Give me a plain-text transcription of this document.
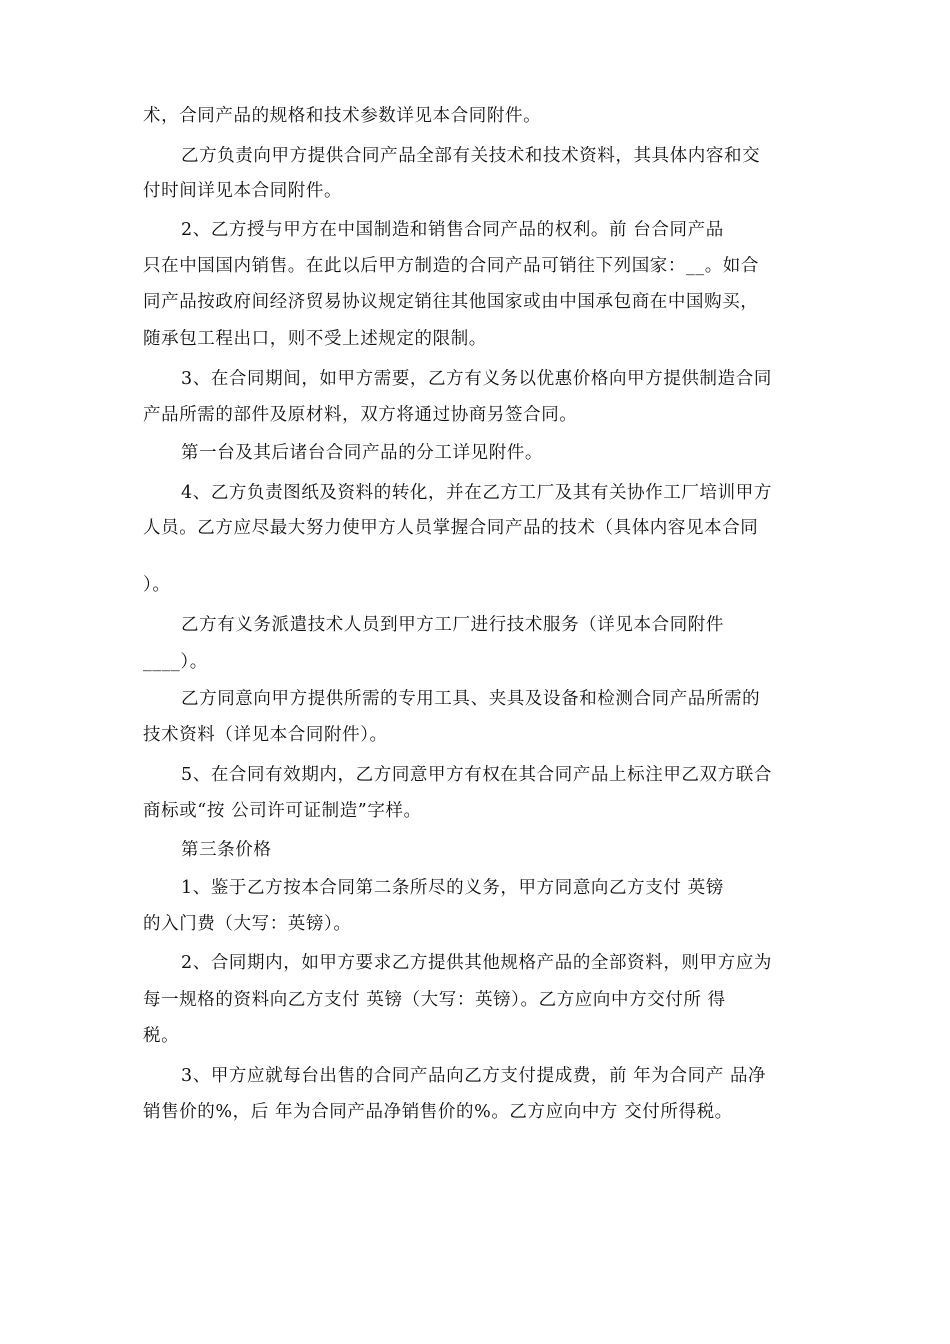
术，合同产品的规格和技术参数详见本合同附件。
乙方负责向甲方提供合同产品全部有关技术和技术资料，其具体内容和交
付时间详见本合同附件。
2、乙方授与甲方在中国制造和销售合同产品的权利。前 台合同产品
只在中国国内销售。在此以后甲方制造的合同产品可销往下列国家：__。如合
同产品按政府间经济贸易协议规定销往其他国家或由中国承包商在中国购买，
随承包工程出口，则不受上述规定的限制。
3、在合同期间，如甲方需要，乙方有义务以优惠价格向甲方提供制造合同
产品所需的部件及原材料，双方将通过协商另签合同。
第一台及其后诸台合同产品的分工详见附件。
4、乙方负责图纸及资料的转化，并在乙方工厂及其有关协作工厂培训甲方
人员。乙方应尽最大努力使甲方人员掌握合同产品的技术（具体内容见本合同
）。
乙方有义务派遣技术人员到甲方工厂进行技术服务（详见本合同附件
____）。
乙方同意向甲方提供所需的专用工具、夹具及设备和检测合同产品所需的
技术资料（详见本合同附件）。
5、在合同有效期内，乙方同意甲方有权在其合同产品上标注甲乙双方联合
商标或“按 公司许可证制造”字样。
第三条价格
1、鉴于乙方按本合同第二条所尽的义务，甲方同意向乙方支付 英镑
的入门费（大写：英镑）。
2、合同期内，如甲方要求乙方提供其他规格产品的全部资料，则甲方应为
每一规格的资料向乙方支付 英镑（大写：英镑）。乙方应向中方交付所 得
税。
3、甲方应就每台出售的合同产品向乙方支付提成费，前 年为合同产 品净
销售价的%，后 年为合同产品净销售价的%。乙方应向中方 交付所得税。
